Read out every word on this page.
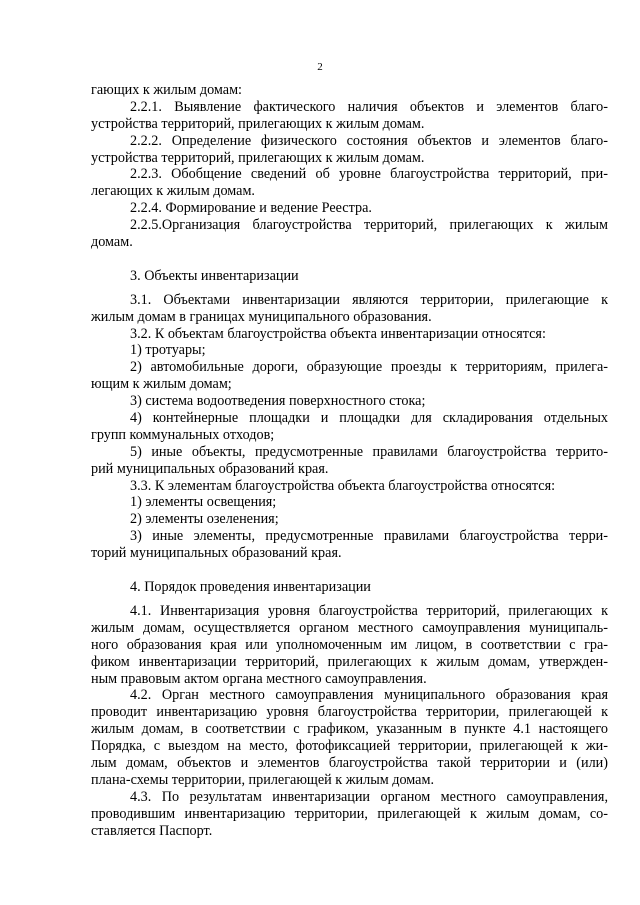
2
гающих к жилым домам:
2.2.1. Выявление фактического наличия объектов и элементов благо-
устройства территорий, прилегающих к жилым домам.
2.2.2. Определение физического состояния объектов и элементов благо-
устройства территорий, прилегающих к жилым домам.
2.2.3. Обобщение сведений об уровне благоустройства территорий, при-
легающих к жилым домам.
2.2.4. Формирование и ведение Реестра.
2.2.5.Организация благоустройства территорий, прилегающих к жилым
домам.
3. Объекты инвентаризации
3.1. Объектами инвентаризации являются территории, прилегающие к
жилым домам в границах муниципального образования.
3.2. К объектам благоустройства объекта инвентаризации относятся:
1) тротуары;
2) автомобильные дороги, образующие проезды к территориям, прилега-
ющим к жилым домам;
3) система водоотведения поверхностного стока;
4) контейнерные площадки и площадки для складирования отдельных
групп коммунальных отходов;
5) иные объекты, предусмотренные правилами благоустройства террито-
рий муниципальных образований края.
3.3. К элементам благоустройства объекта благоустройства относятся:
1) элементы освещения;
2) элементы озеленения;
3) иные элементы, предусмотренные правилами благоустройства терри-
торий муниципальных образований края.
4. Порядок проведения инвентаризации
4.1. Инвентаризация уровня благоустройства территорий, прилегающих к
жилым домам, осуществляется органом местного самоуправления муниципаль-
ного образования края или уполномоченным им лицом, в соответствии с гра-
фиком инвентаризации территорий, прилегающих к жилым домам, утвержден-
ным правовым актом органа местного самоуправления.
4.2. Орган местного самоуправления муниципального образования края
проводит инвентаризацию уровня благоустройства территории, прилегающей к
жилым домам, в соответствии с графиком, указанным в пункте 4.1 настоящего
Порядка, с выездом на место, фотофиксацией территории, прилегающей к жи-
лым домам, объектов и элементов благоустройства такой территории и (или)
плана-схемы территории, прилегающей к жилым домам.
4.3. По результатам инвентаризации органом местного самоуправления,
проводившим инвентаризацию территории, прилегающей к жилым домам, со-
ставляется Паспорт.
